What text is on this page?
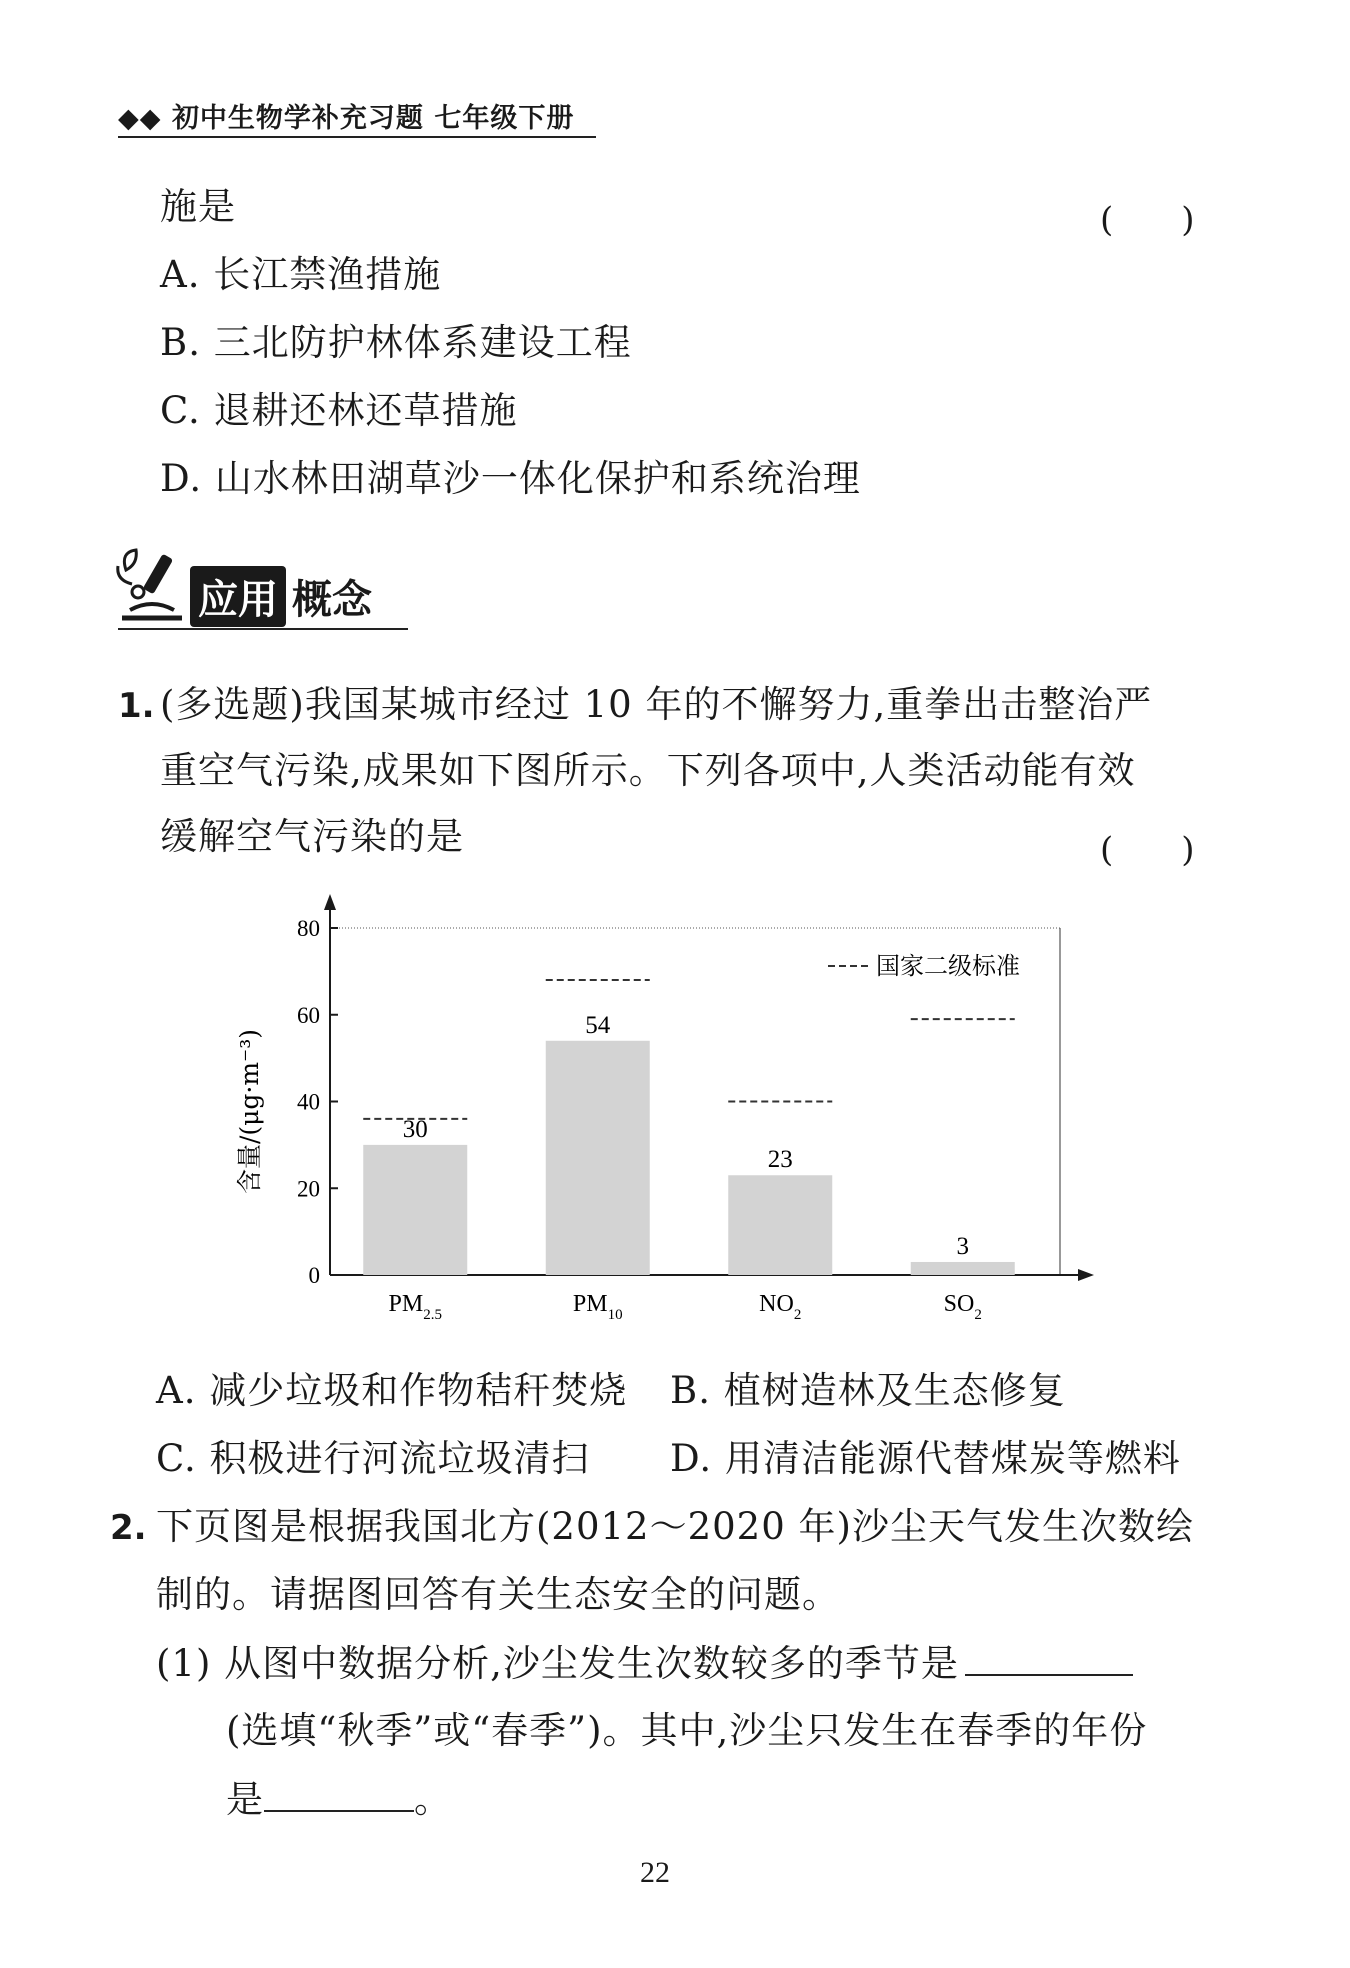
◆◆ 初中生物学补充习题 七年级下册
施是	(　　)
A. 长江禁渔措施
B. 三北防护林体系建设工程
C. 退耕还林还草措施
D. 山水林田湖草沙一体化保护和系统治理
应用 概念
1. (多选题)我国某城市经过 10 年的不懈努力,重拳出击整治严
重空气污染,成果如下图所示。下列各项中,人类活动能有效
缓解空气污染的是	(　　)
0
20
40
60
80
含量/(μg·m⁻³)
$PM_{2.5}$	$PM_{10}$	$NO_2$	$SO_2$
30
54
23
3
国家二级标准
A. 减少垃圾和作物秸秆焚烧 B. 植树造林及生态修复
C. 积极进行河流垃圾清扫 D. 用清洁能源代替煤炭等燃料
2. 下页图是根据我国北方(2012～2020 年)沙尘天气发生次数绘
制的。请据图回答有关生态安全的问题。
(1) 从图中数据分析,沙尘发生次数较多的季节是
(选填“秋季”或“春季”)。其中,沙尘只发生在春季的年份
是	。
22
